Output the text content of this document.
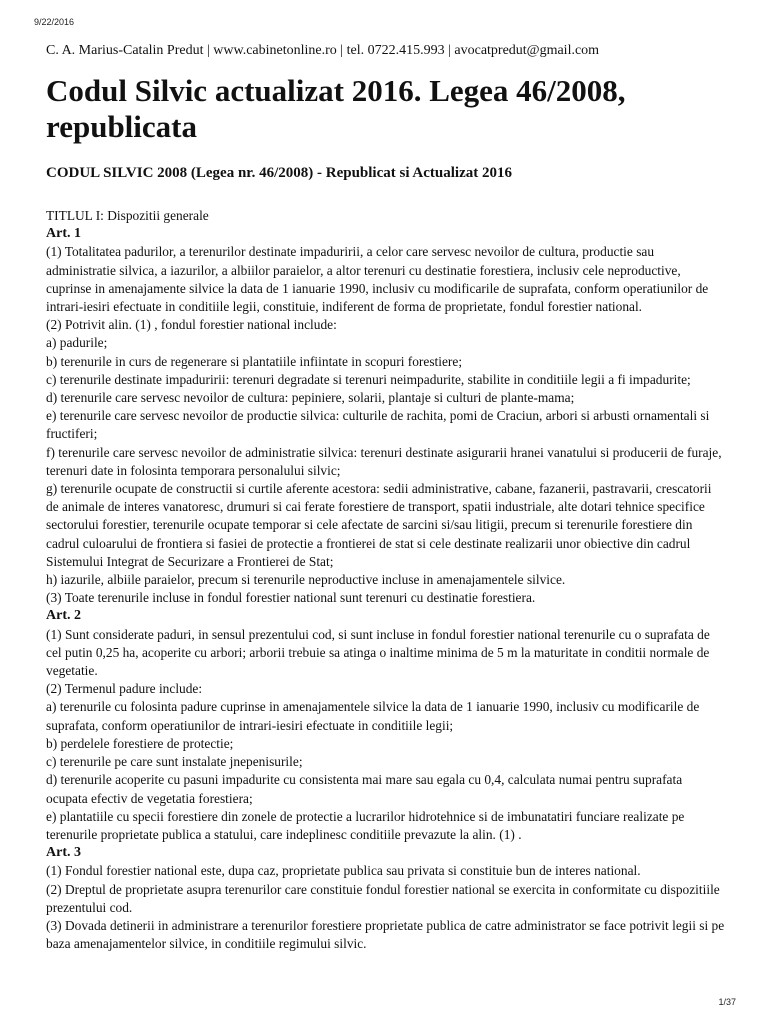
9/22/2016

C. A. Marius-Catalin Predut | www.cabinetonline.ro | tel. 0722.415.993 | avocatpredut@gmail.com

Codul Silvic actualizat 2016. Legea 46/2008, republicata

CODUL SILVIC 2008 (Legea nr. 46/2008) - Republicat si Actualizat 2016

TITLUL I: Dispozitii generale

Art. 1

(1) Totalitatea padurilor, a terenurilor destinate impaduririi, a celor care servesc nevoilor de cultura, productie sau administratie silvica, a iazurilor, a albiilor paraielor, a altor terenuri cu destinatie forestiera, inclusiv cele neproductive, cuprinse in amenajamente silvice la data de 1 ianuarie 1990, inclusiv cu modificarile de suprafata, conform operatiunilor de intrari-iesiri efectuate in conditiile legii, constituie, indiferent de forma de proprietate, fondul forestier national.

(2) Potrivit alin. (1) , fondul forestier national include:

a) padurile;

b) terenurile in curs de regenerare si plantatiile infiintate in scopuri forestiere;

c) terenurile destinate impaduririi: terenuri degradate si terenuri neimpadurite, stabilite in conditiile legii a fi impadurite;

d) terenurile care servesc nevoilor de cultura: pepiniere, solarii, plantaje si culturi de plante-mama;

e) terenurile care servesc nevoilor de productie silvica: culturile de rachita, pomi de Craciun, arbori si arbusti ornamentali si fructiferi;

f) terenurile care servesc nevoilor de administratie silvica: terenuri destinate asigurarii hranei vanatului si producerii de furaje, terenuri date in folosinta temporara personalului silvic;

g) terenurile ocupate de constructii si curtile aferente acestora: sedii administrative, cabane, fazanerii, pastravarii, crescatorii de animale de interes vanatoresc, drumuri si cai ferate forestiere de transport, spatii industriale, alte dotari tehnice specifice sectorului forestier, terenurile ocupate temporar si cele afectate de sarcini si/sau litigii, precum si terenurile forestiere din cadrul culoarului de frontiera si fasiei de protectie a frontierei de stat si cele destinate realizarii unor obiective din cadrul Sistemului Integrat de Securizare a Frontierei de Stat;

h) iazurile, albiile paraielor, precum si terenurile neproductive incluse in amenajamentele silvice.

(3) Toate terenurile incluse in fondul forestier national sunt terenuri cu destinatie forestiera.

Art. 2

(1) Sunt considerate paduri, in sensul prezentului cod, si sunt incluse in fondul forestier national terenurile cu o suprafata de cel putin 0,25 ha, acoperite cu arbori; arborii trebuie sa atinga o inaltime minima de 5 m la maturitate in conditii normale de vegetatie.

(2) Termenul padure include:

a) terenurile cu folosinta padure cuprinse in amenajamentele silvice la data de 1 ianuarie 1990, inclusiv cu modificarile de suprafata, conform operatiunilor de intrari-iesiri efectuate in conditiile legii;

b) perdelele forestiere de protectie;

c) terenurile pe care sunt instalate jnepenisurile;

d) terenurile acoperite cu pasuni impadurite cu consistenta mai mare sau egala cu 0,4, calculata numai pentru suprafata ocupata efectiv de vegetatia forestiera;

e) plantatiile cu specii forestiere din zonele de protectie a lucrarilor hidrotehnice si de imbunatatiri funciare realizate pe terenurile proprietate publica a statului, care indeplinesc conditiile prevazute la alin. (1) .

Art. 3

(1) Fondul forestier national este, dupa caz, proprietate publica sau privata si constituie bun de interes national.

(2) Dreptul de proprietate asupra terenurilor care constituie fondul forestier national se exercita in conformitate cu dispozitiile prezentului cod.

(3) Dovada detinerii in administrare a terenurilor forestiere proprietate publica de catre administrator se face potrivit legii si pe baza amenajamentelor silvice, in conditiile regimului silvic.

1/37
